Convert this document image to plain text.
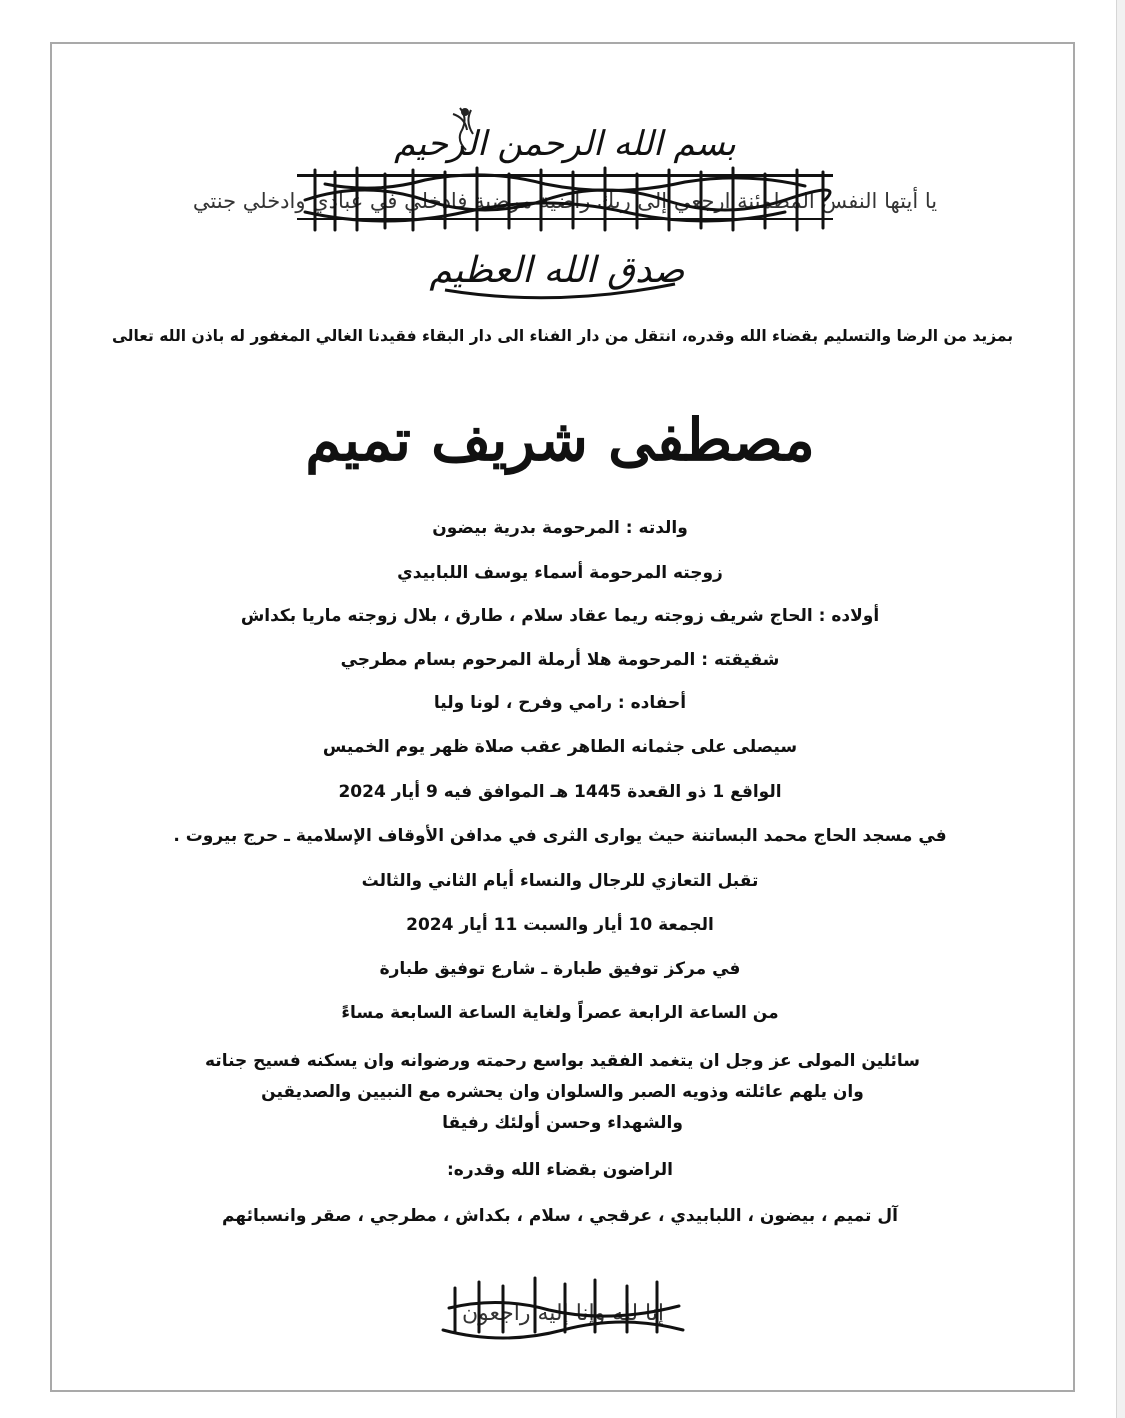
بسم الله الرحمن الرحيم
يا أيتها النفس المطمئنة ارجعي إلى ربك راضية مرضية فادخلي في عبادي وادخلي جنتي
صدق الله العظيم
بمزيد من الرضا والتسليم بقضاء الله وقدره، انتقل من دار الفناء الى دار البقاء فقيدنا الغالي المغفور له باذن الله تعالى
مصطفى شريف تميم
والدته : المرحومة بدرية بيضون
زوجته المرحومة أسماء يوسف اللبابيدي
أولاده : الحاج شريف زوجته ريما عقاد سلام ، طارق ، بلال زوجته ماريا بكداش
شقيقته : المرحومة هلا أرملة المرحوم بسام مطرجي
أحفاده : رامي وفرح ، لونا وليا
سيصلى على جثمانه الطاهر عقب صلاة ظهر يوم الخميس
الواقع 1 ذو القعدة 1445 هـ الموافق فيه 9 أيار 2024
في مسجد الحاج محمد البساتنة حيث يوارى الثرى في مدافن الأوقاف الإسلامية ـ حرج بيروت .
تقبل التعازي للرجال والنساء أيام الثاني والثالث
الجمعة 10 أيار والسبت 11 أيار 2024
في مركز توفيق طبارة ـ شارع توفيق طبارة
من الساعة الرابعة عصراً ولغاية الساعة السابعة مساءً
سائلين المولى عز وجل ان يتغمد الفقيد بواسع رحمته ورضوانه وان يسكنه فسيح جناته
وان يلهم عائلته وذويه الصبر والسلوان وان يحشره مع النبيين والصديقين
والشهداء وحسن أولئك رفيقا
الراضون بقضاء الله وقدره:
آل تميم ، بيضون ، اللبابيدي ، عرقجي ، سلام ، بكداش ، مطرجي ، صقر وانسبائهم
إنا لله وإنا إليه راجعون
